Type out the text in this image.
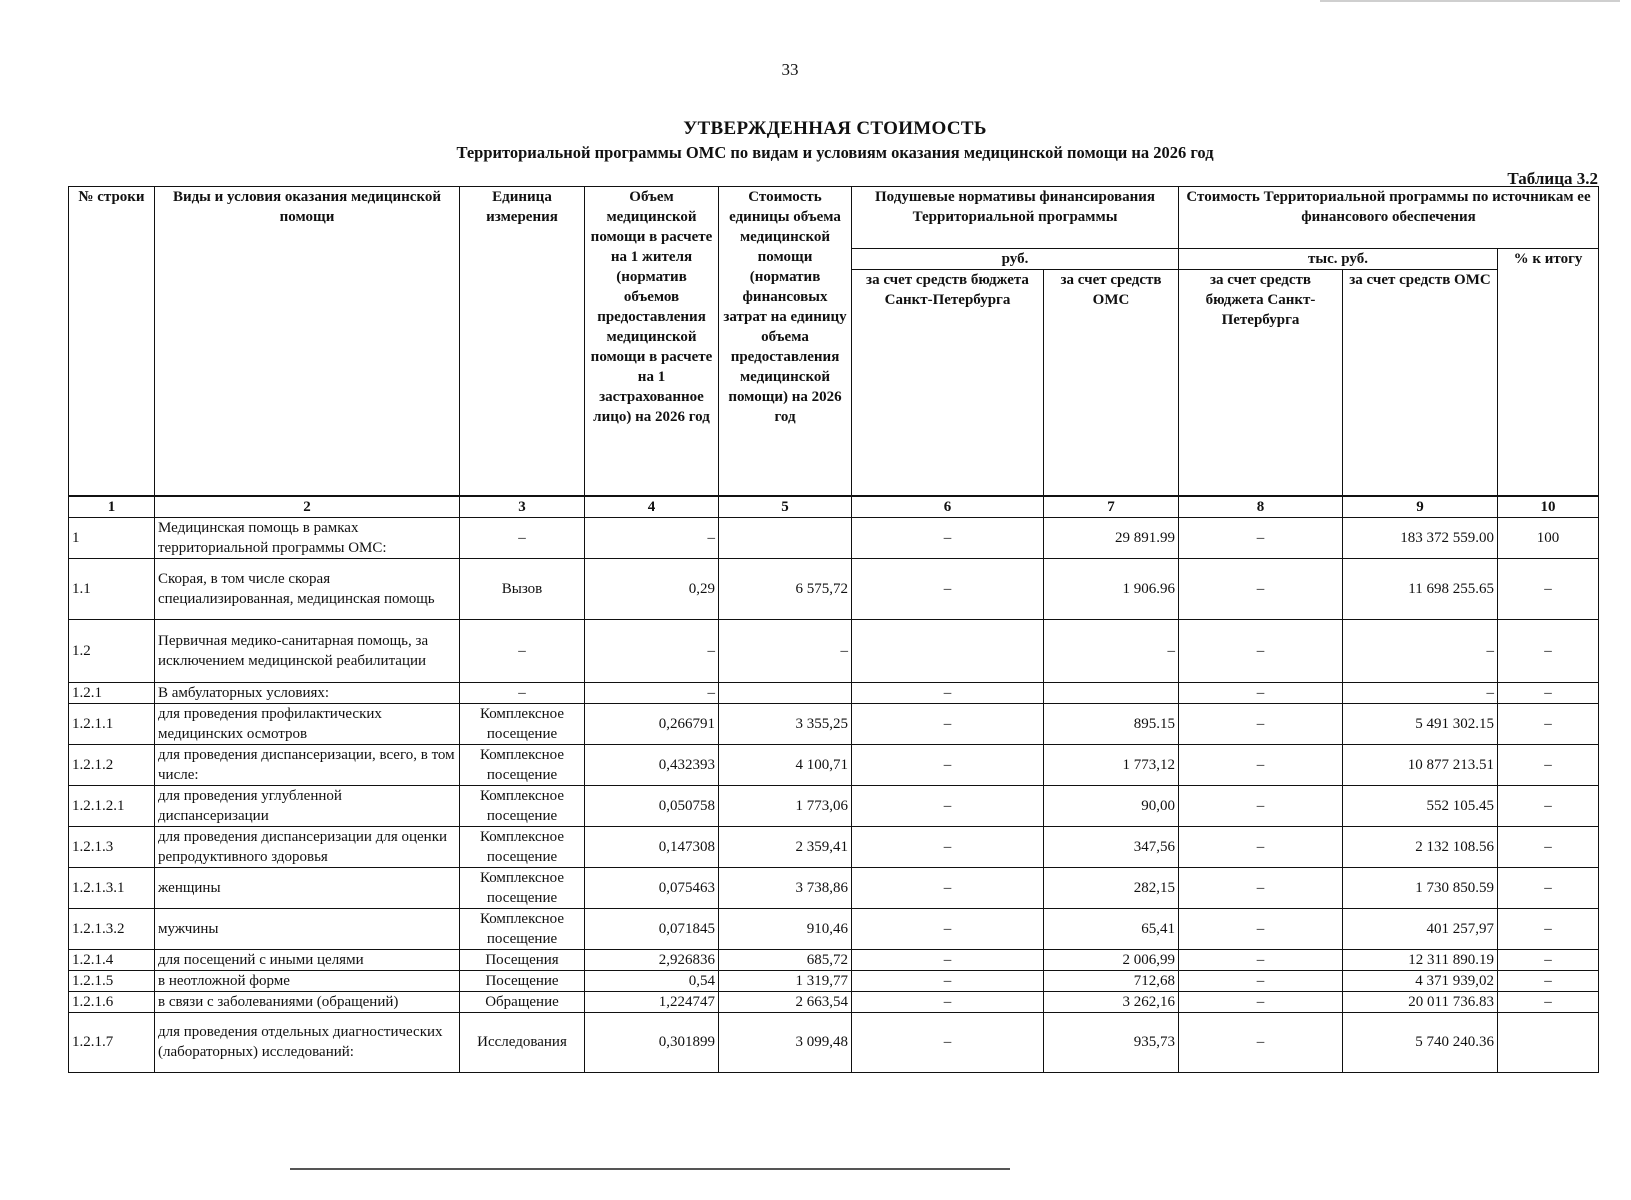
33
УТВЕРЖДЕННАЯ СТОИМОСТЬ
Территориальной программы ОМС по видам и условиям оказания медицинской помощи на 2026 год
Таблица 3.2
№ строки	Виды и условия оказания медицинской помощи	Единица измерения	Объем медицинской помощи в расчете на 1 жителя (норматив объемов предоставления медицинской помощи в расчете на 1 застрахованное лицо) на 2026 год	Стоимость единицы объема медицинской помощи (норматив финансовых затрат на единицу объема предоставления медицинской помощи) на 2026 год	Подушевые нормативы финансирования Территориальной программы		Стоимость Территориальной программы по источникам ее финансового обеспечения		
					руб.		тыс. руб.		% к итогу
					за счет средств бюджета Санкт-Петербурга	за счет средств ОМС	за счет средств бюджета Санкт-Петербурга	за счет средств ОМС	
1	2	3	4	5	6	7	8	9	10
1	Медицинская помощь в рамках территориальной программы ОМС:	–	–		–	29 891.99	–	183 372 559.00	100
1.1	Скорая, в том числе скорая специализированная, медицинская помощь	Вызов	0,29	6 575,72	–	1 906.96	–	11 698 255.65	–
1.2	Первичная медико-санитарная помощь, за исключением медицинской реабилитации	–	–	–		–	–	–	–
1.2.1	В амбулаторных условиях:	–	–		–		–	–	–
1.2.1.1	для проведения профилактических медицинских осмотров	Комплексное посещение	0,266791	3 355,25	–	895.15	–	5 491 302.15	–
1.2.1.2	для проведения диспансеризации, всего, в том числе:	Комплексное посещение	0,432393	4 100,71	–	1 773,12	–	10 877 213.51	–
1.2.1.2.1	для проведения углубленной диспансеризации	Комплексное посещение	0,050758	1 773,06	–	90,00	–	552 105.45	–
1.2.1.3	для проведения диспансеризации для оценки репродуктивного здоровья	Комплексное посещение	0,147308	2 359,41	–	347,56	–	2 132 108.56	–
1.2.1.3.1	женщины	Комплексное посещение	0,075463	3 738,86	–	282,15	–	1 730 850.59	–
1.2.1.3.2	мужчины	Комплексное посещение	0,071845	910,46	–	65,41	–	401 257,97	–
1.2.1.4	для посещений с иными целями	Посещения	2,926836	685,72	–	2 006,99	–	12 311 890.19	–
1.2.1.5	в неотложной форме	Посещение	0,54	1 319,77	–	712,68	–	4 371 939,02	–
1.2.1.6	в связи с заболеваниями (обращений)	Обращение	1,224747	2 663,54	–	3 262,16	–	20 011 736.83	–
1.2.1.7	для проведения отдельных диагностических (лабораторных) исследований:	Исследования	0,301899	3 099,48	–	935,73	–	5 740 240.36	
